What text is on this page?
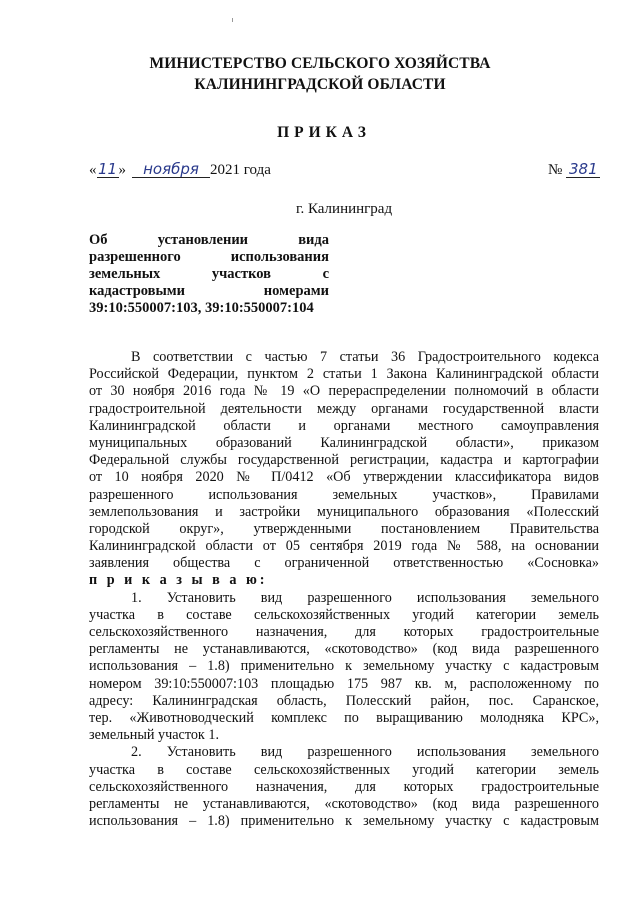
МИНИСТЕРСТВО СЕЛЬСКОГО ХОЗЯЙСТВА
КАЛИНИНГРАДСКОЙ ОБЛАСТИ
ПРИКАЗ
«11» ноября 2021 года	№ 381
г. Калининград
Об установлении вида
разрешенного использования
земельных участков с
кадастровыми номерами
39:10:550007:103, 39:10:550007:104
В соответствии с частью 7 статьи 36 Градостроительного кодекса
Российской Федерации, пунктом 2 статьи 1 Закона Калининградской области
от 30 ноября 2016 года № 19 «О перераспределении полномочий в области
градостроительной деятельности между органами государственной власти
Калининградской области и органами местного самоуправления
муниципальных образований Калининградской области», приказом
Федеральной службы государственной регистрации, кадастра и картографии
от 10 ноября 2020 № П/0412 «Об утверждении классификатора видов
разрешенного использования земельных участков», Правилами
землепользования и застройки муниципального образования «Полесский
городской округ», утвержденными постановлением Правительства
Калининградской области от 05 сентября 2019 года № 588, на основании
заявления общества с ограниченной ответственностью «Сосновка»
п р и к а з ы в а ю:
1. Установить вид разрешенного использования земельного
участка в составе сельскохозяйственных угодий категории земель
сельскохозяйственного назначения, для которых градостроительные
регламенты не устанавливаются, «скотоводство» (код вида разрешенного
использования – 1.8) применительно к земельному участку с кадастровым
номером 39:10:550007:103 площадью 175 987 кв. м, расположенному по
адресу: Калининградская область, Полесский район, пос. Саранское,
тер. «Животноводческий комплекс по выращиванию молодняка КРС»,
земельный участок 1.
2. Установить вид разрешенного использования земельного
участка в составе сельскохозяйственных угодий категории земель
сельскохозяйственного назначения, для которых градостроительные
регламенты не устанавливаются, «скотоводство» (код вида разрешенного
использования – 1.8) применительно к земельному участку с кадастровым
